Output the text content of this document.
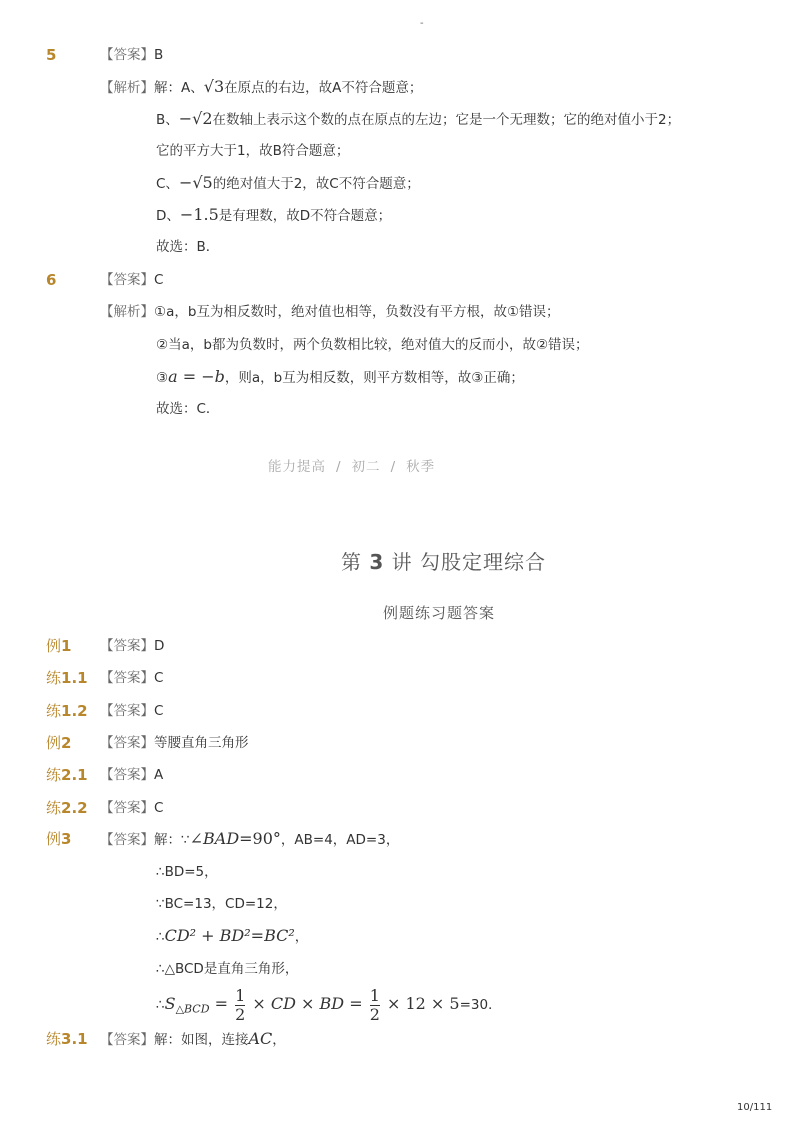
-
5	【答案】B
【解析】解：A、√3在原点的右边，故A不符合题意；
B、−√2在数轴上表示这个数的点在原点的左边；它是一个无理数；它的绝对值小于2；
它的平方大于1，故B符合题意；
C、−√5的绝对值大于2，故C不符合题意；
D、−1.5是有理数，故D不符合题意；
故选：B．
6	【答案】C
【解析】①a，b互为相反数时，绝对值也相等，负数没有平方根，故①错误；
②当a，b都为负数时，两个负数相比较，绝对值大的反而小，故②错误；
③a = −b，则a，b互为相反数，则平方数相等，故③正确；
故选：C．
能力提高 / 初二 / 秋季
第 3 讲 勾股定理综合
例题练习题答案
例1 【答案】D
练1.1 【答案】C
练1.2 【答案】C
例2 【答案】等腰直角三角形
练2.1 【答案】A
练2.2 【答案】C
例3 【答案】解：∵∠BAD=90°，AB=4，AD=3，
∴BD=5，
∵BC=13，CD=12，
∴CD² + BD²=BC²，
∴△BCD是直角三角形，
$\therefore S_{\triangle BCD} = \frac{1}{2}$ × CD × BD = $\frac{1}{2} \times 12 \times 5=30$．
练3.1 【答案】解：如图，连接AC，
10/111
